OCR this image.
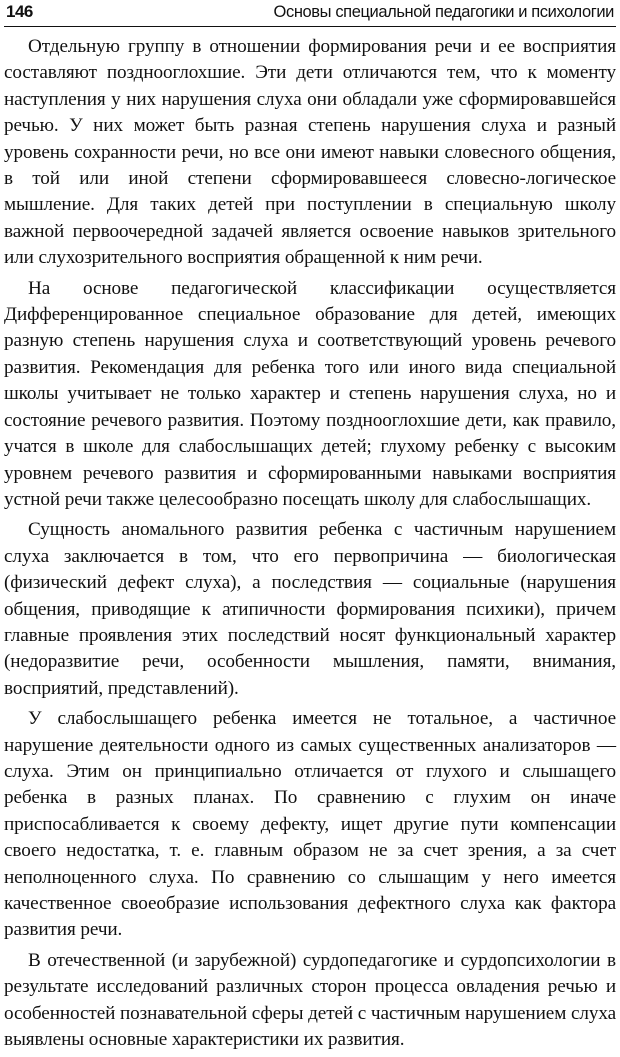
146	Основы специальной педагогики и психологии

Отдельную группу в отношении формирования речи и ее восприятия составляют позднооглохшие. Эти дети отличаются тем, что к моменту наступления у них нарушения слуха они обладали уже сформировавшейся речью. У них может быть разная степень нарушения слуха и разный уровень сохранности речи, но все они имеют навыки словесного общения, в той или иной степени сформировавшееся словесно-логическое мышление. Для таких детей при поступлении в специальную школу важной первоочередной задачей является освоение навыков зрительного или слухозрительного восприятия обращенной к ним речи.

На основе педагогической классификации осуществляется Дифференцированное специальное образование для детей, имеющих разную степень нарушения слуха и соответствующий уровень речевого развития. Рекомендация для ребенка того или иного вида специальной школы учитывает не только характер и степень нарушения слуха, но и состояние речевого развития. Поэтому позднооглохшие дети, как правило, учатся в школе для слабослышащих детей; глухому ребенку с высоким уровнем речевого развития и сформированными навыками восприятия устной речи также целесообразно посещать школу для слабослышащих.

Сущность аномального развития ребенка с частичным нарушением слуха заключается в том, что его первопричина — биологическая (физический дефект слуха), а последствия — социальные (нарушения общения, приводящие к атипичности формирования психики), причем главные проявления этих последствий носят функциональный характер (недоразвитие речи, особенности мышления, памяти, внимания, восприятий, представлений).

У слабослышащего ребенка имеется не тотальное, а частичное нарушение деятельности одного из самых существенных анализаторов — слуха. Этим он принципиально отличается от глухого и слышащего ребенка в разных планах. По сравнению с глухим он иначе приспосабливается к своему дефекту, ищет другие пути компенсации своего недостатка, т. е. главным образом не за счет зрения, а за счет неполноценного слуха. По сравнению со слышащим у него имеется качественное своеобразие использования дефектного слуха как фактора развития речи.

В отечественной (и зарубежной) сурдопедагогике и сурдопсихологии в результате исследований различных сторон процесса овладения речью и особенностей познавательной сферы детей с частичным нарушением слуха выявлены основные характеристики их развития.
